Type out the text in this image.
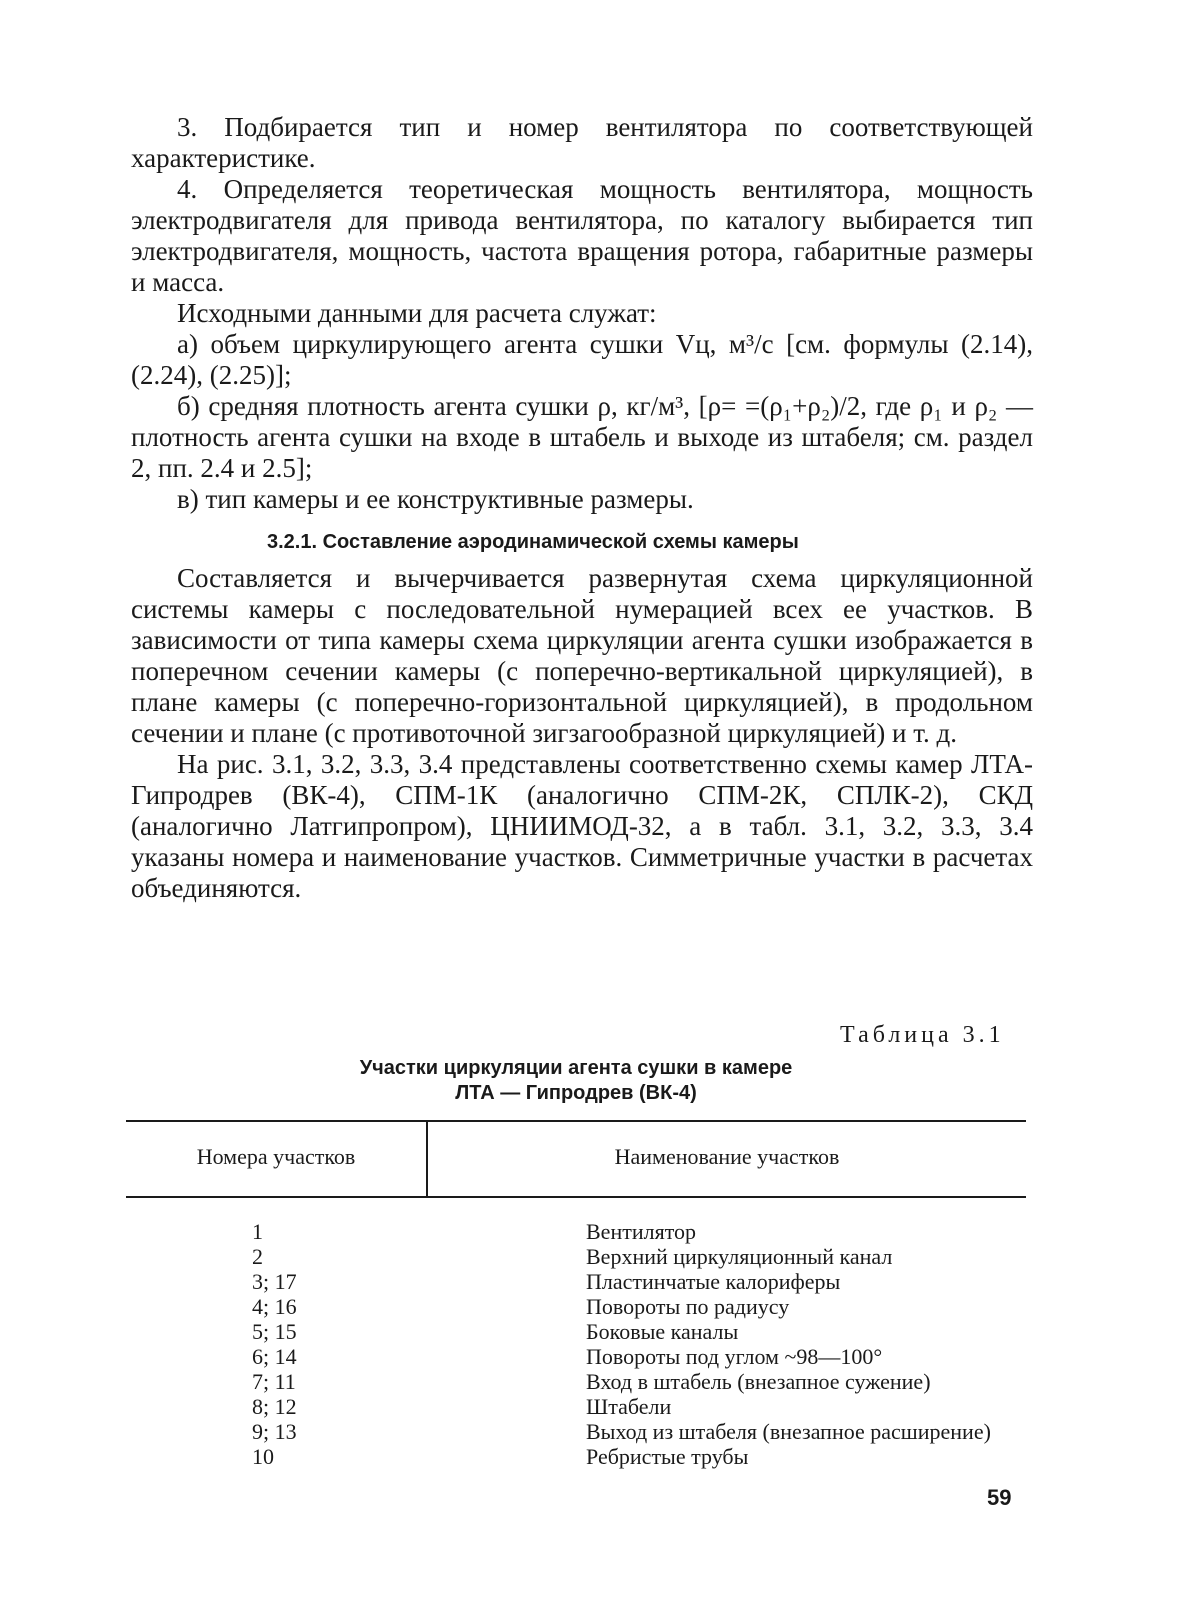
3. Подбирается тип и номер вентилятора по соответствующей характеристике.

4. Определяется теоретическая мощность вентилятора, мощность электродвигателя для привода вентилятора, по каталогу выбирается тип электродвигателя, мощность, частота вращения ротора, габаритные размеры и масса.

Исходными данными для расчета служат:

а) объем циркулирующего агента сушки Vц, м³/с [см. формулы (2.14), (2.24), (2.25)];

б) средняя плотность агента сушки ρ, кг/м³, [ρ= =(ρ₁+ρ₂)/2, где ρ₁ и ρ₂ — плотность агента сушки на входе в штабель и выходе из штабеля; см. раздел 2, пп. 2.4 и 2.5];

в) тип камеры и ее конструктивные размеры.

3.2.1. Составление аэродинамической схемы камеры

Составляется и вычерчивается развернутая схема циркуляционной системы камеры с последовательной нумерацией всех ее участков. В зависимости от типа камеры схема циркуляции агента сушки изображается в поперечном сечении камеры (с поперечно-вертикальной циркуляцией), в плане камеры (с поперечно-горизонтальной циркуляцией), в продольном сечении и плане (с противоточной зигзагообразной циркуляцией) и т. д.

На рис. 3.1, 3.2, 3.3, 3.4 представлены соответственно схемы камер ЛТА-Гипродрев (ВК-4), СПМ-1К (аналогично СПМ-2К, СПЛК-2), СКД (аналогично Латгипропром), ЦНИИМОД-32, а в табл. 3.1, 3.2, 3.3, 3.4 указаны номера и наименование участков. Симметричные участки в расчетах объединяются.

Таблица 3.1
Участки циркуляции агента сушки в камере
ЛТА — Гипродрев (ВК-4)
Номера участков	Наименование участков
1	Вентилятор
2	Верхний циркуляционный канал
3; 17	Пластинчатые калориферы
4; 16	Повороты по радиусу
5; 15	Боковые каналы
6; 14	Повороты под углом ~98—100°
7; 11	Вход в штабель (внезапное сужение)
8; 12	Штабели
9; 13	Выход из штабеля (внезапное расширение)
10	Ребристые трубы
59
